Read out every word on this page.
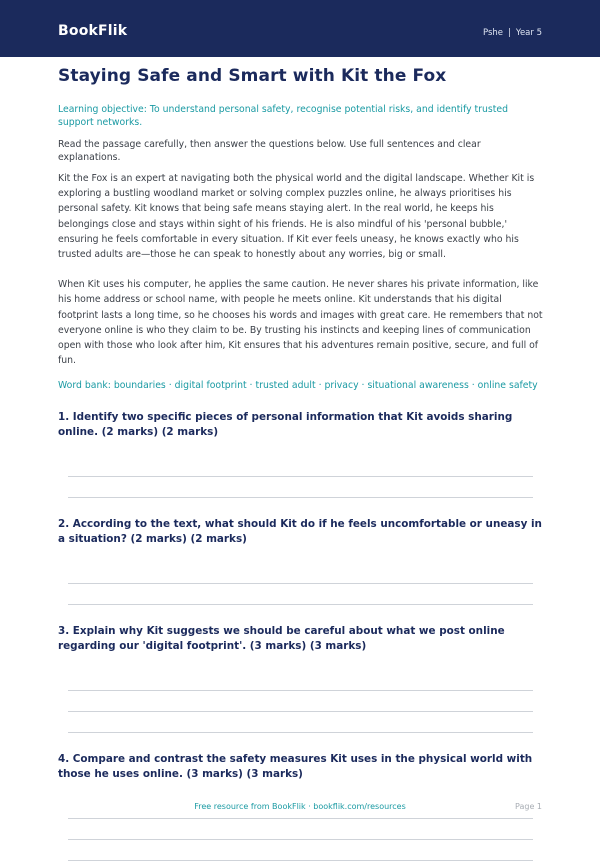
BookFlik	Pshe | Year 5
Staying Safe and Smart with Kit the Fox

Learning objective: To understand personal safety, recognise potential risks, and identify trusted support networks.

Read the passage carefully, then answer the questions below. Use full sentences and clear explanations.

Kit the Fox is an expert at navigating both the physical world and the digital landscape. Whether Kit is exploring a bustling woodland market or solving complex puzzles online, he always prioritises his personal safety. Kit knows that being safe means staying alert. In the real world, he keeps his belongings close and stays within sight of his friends. He is also mindful of his 'personal bubble,' ensuring he feels comfortable in every situation. If Kit ever feels uneasy, he knows exactly who his trusted adults are—those he can speak to honestly about any worries, big or small.

When Kit uses his computer, he applies the same caution. He never shares his private information, like his home address or school name, with people he meets online. Kit understands that his digital footprint lasts a long time, so he chooses his words and images with great care. He remembers that not everyone online is who they claim to be. By trusting his instincts and keeping lines of communication open with those who look after him, Kit ensures that his adventures remain positive, secure, and full of fun.

Word bank: boundaries · digital footprint · trusted adult · privacy · situational awareness · online safety

1. Identify two specific pieces of personal information that Kit avoids sharing online. (2 marks) (2 marks)
2. According to the text, what should Kit do if he feels uncomfortable or uneasy in a situation? (2 marks) (2 marks)
3. Explain why Kit suggests we should be careful about what we post online regarding our 'digital footprint'. (3 marks) (3 marks)
4. Compare and contrast the safety measures Kit uses in the physical world with those he uses online. (3 marks) (3 marks)
Free resource from BookFlik · bookflik.com/resources	Page 1
